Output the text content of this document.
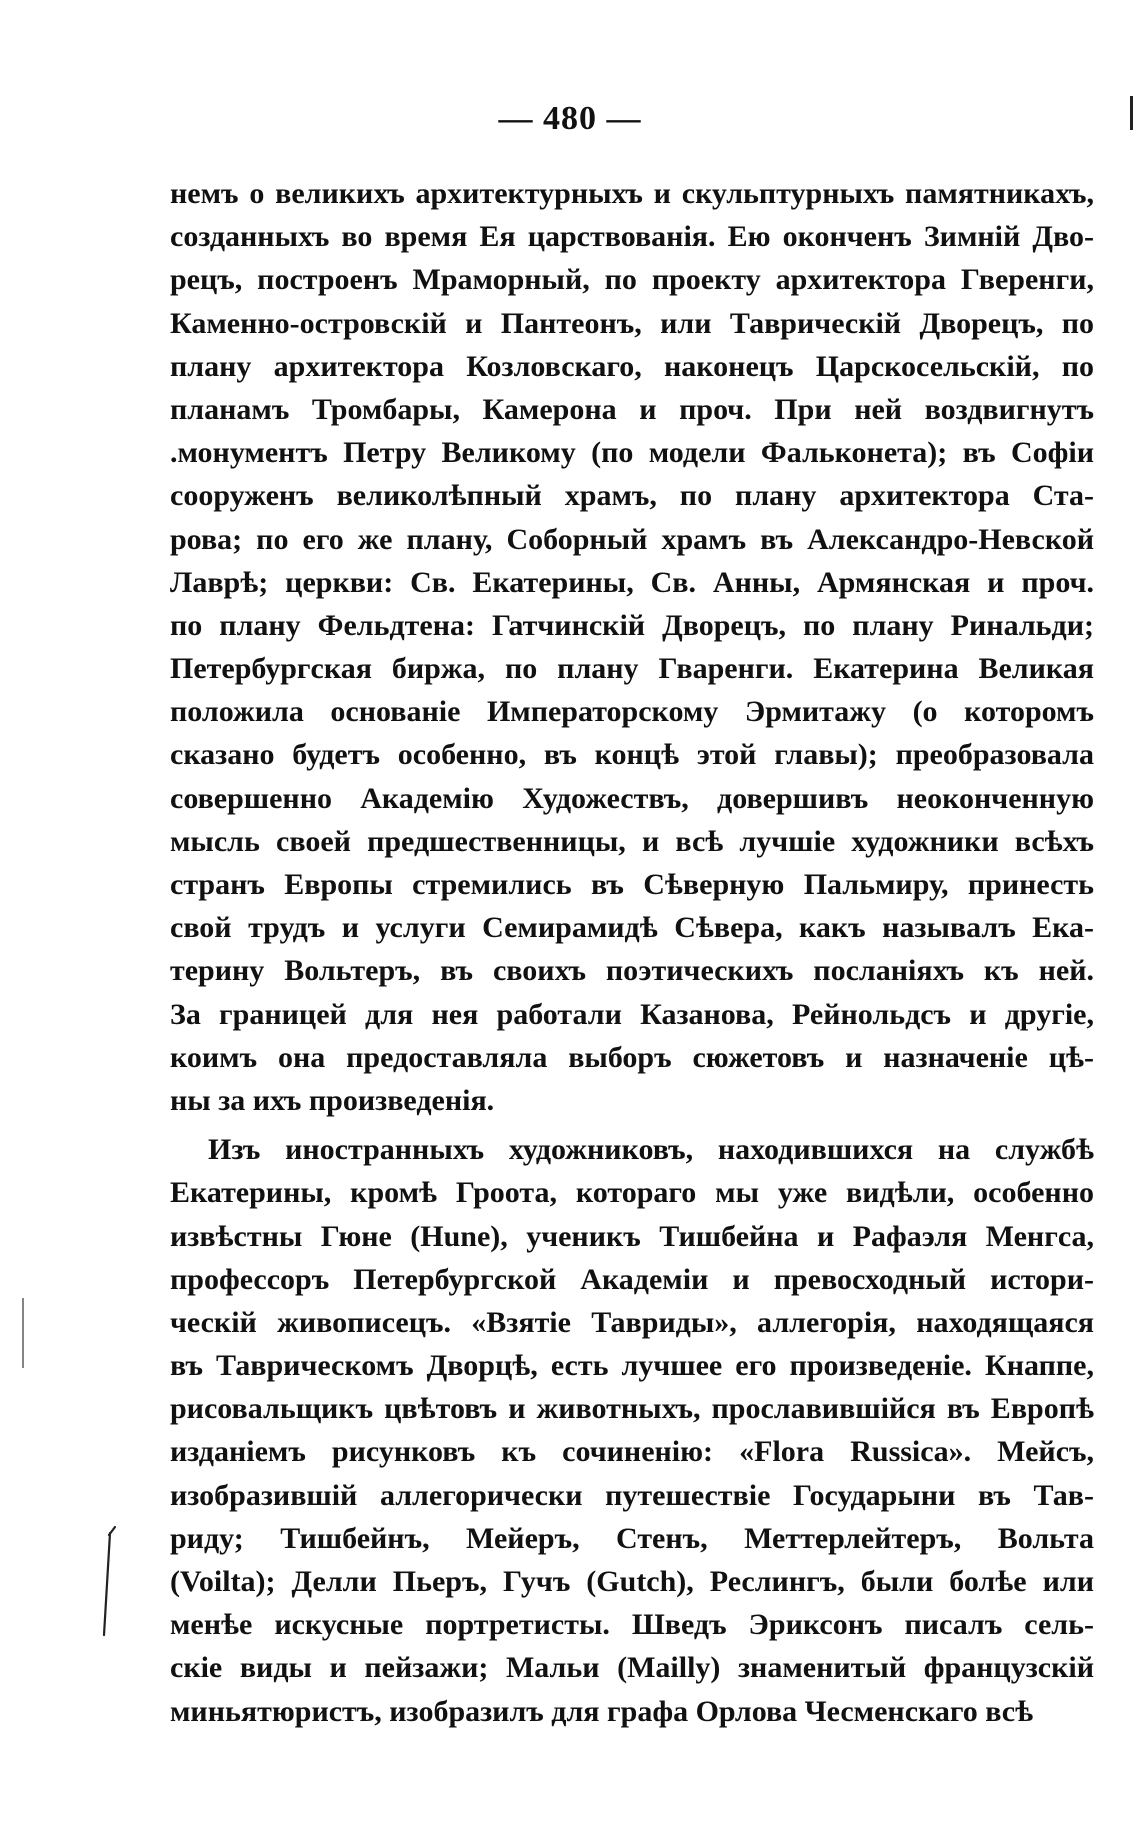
— 480 —
немъ о великихъ архитектурныхъ и скульптурныхъ памятникахъ,
созданныхъ во время Ея царствованія. Ею оконченъ Зимній Дво-
рецъ, построенъ Мраморный, по проекту архитектора Гверенги,
Каменно-островскій и Пантеонъ, или Таврическій Дворецъ, по
плану архитектора Козловскаго, наконецъ Царскосельскій, по
планамъ Тромбары, Камерона и проч. При ней воздвигнутъ
.монументъ Петру Великому (по модели Фальконета); въ Софіи
сооруженъ великолѣпный храмъ, по плану архитектора Ста-
рова; по его же плану, Соборный храмъ въ Александро-Невской
Лаврѣ; церкви: Св. Екатерины, Св. Анны, Армянская и проч.
по плану Фельдтена: Гатчинскій Дворецъ, по плану Ринальди;
Петербургская биржа, по плану Гваренги. Екатерина Великая
положила основаніе Императорскому Эрмитажу (о которомъ
сказано будетъ особенно, въ концѣ этой главы); преобразовала
совершенно Академію Художествъ, довершивъ неоконченную
мысль своей предшественницы, и всѣ лучшіе художники всѣхъ
странъ Европы стремились въ Сѣверную Пальмиру, принесть
свой трудъ и услуги Семирамидѣ Сѣвера, какъ называлъ Ека-
терину Вольтеръ, въ своихъ поэтическихъ посланіяхъ къ ней.
За границей для нея работали Казанова, Рейнольдсъ и другіе,
коимъ она предоставляла выборъ сюжетовъ и назначеніе цѣ-
ны за ихъ произведенія.
Изъ иностранныхъ художниковъ, находившихся на службѣ
Екатерины, кромѣ Гроота, котораго мы уже видѣли, особенно
извѣстны Гюне (Hune), ученикъ Тишбейна и Рафаэля Менгса,
профессоръ Петербургской Академіи и превосходный истори-
ческій живописецъ. «Взятіе Тавриды», аллегорія, находящаяся
въ Таврическомъ Дворцѣ, есть лучшее его произведеніе. Кнаппе,
рисовальщикъ цвѣтовъ и животныхъ, прославившійся въ Европѣ
изданіемъ рисунковъ къ сочиненію: «Flora Russica». Мейсъ,
изобразившій аллегорически путешествіе Государыни въ Тав-
риду; Тишбейнъ, Мейеръ, Стенъ, Меттерлейтеръ, Вольта
(Voilta); Делли Пьеръ, Гучъ (Gutch), Реслингъ, были болѣе или
менѣе искусные портретисты. Шведъ Эриксонъ писалъ сель-
скіе виды и пейзажи; Мальи (Mailly) знаменитый французскій
миньятюристъ, изобразилъ для графа Орлова Чесменскаго всѣ
